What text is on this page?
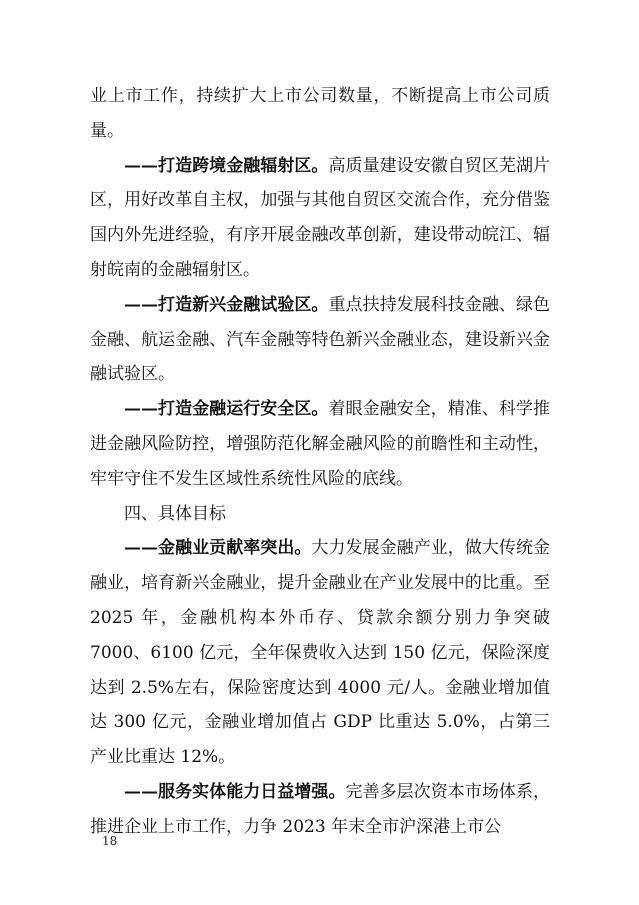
业上市工作，持续扩大上市公司数量，不断提高上市公司质量。

——打造跨境金融辐射区。高质量建设安徽自贸区芜湖片区，用好改革自主权，加强与其他自贸区交流合作，充分借鉴国内外先进经验，有序开展金融改革创新，建设带动皖江、辐射皖南的金融辐射区。

——打造新兴金融试验区。重点扶持发展科技金融、绿色金融、航运金融、汽车金融等特色新兴金融业态，建设新兴金融试验区。

——打造金融运行安全区。着眼金融安全，精准、科学推进金融风险防控，增强防范化解金融风险的前瞻性和主动性，牢牢守住不发生区域性系统性风险的底线。

四、具体目标

——金融业贡献率突出。大力发展金融产业，做大传统金融业，培育新兴金融业，提升金融业在产业发展中的比重。至 2025 年，金融机构本外币存、贷款余额分别力争突破 7000、6100 亿元，全年保费收入达到 150 亿元，保险深度达到 2.5%左右，保险密度达到 4000 元/人。金融业增加值达 300 亿元，金融业增加值占 GDP 比重达 5.0%，占第三产业比重达 12%。

——服务实体能力日益增强。完善多层次资本市场体系，推进企业上市工作，力争 2023 年末全市沪深港上市公

18
